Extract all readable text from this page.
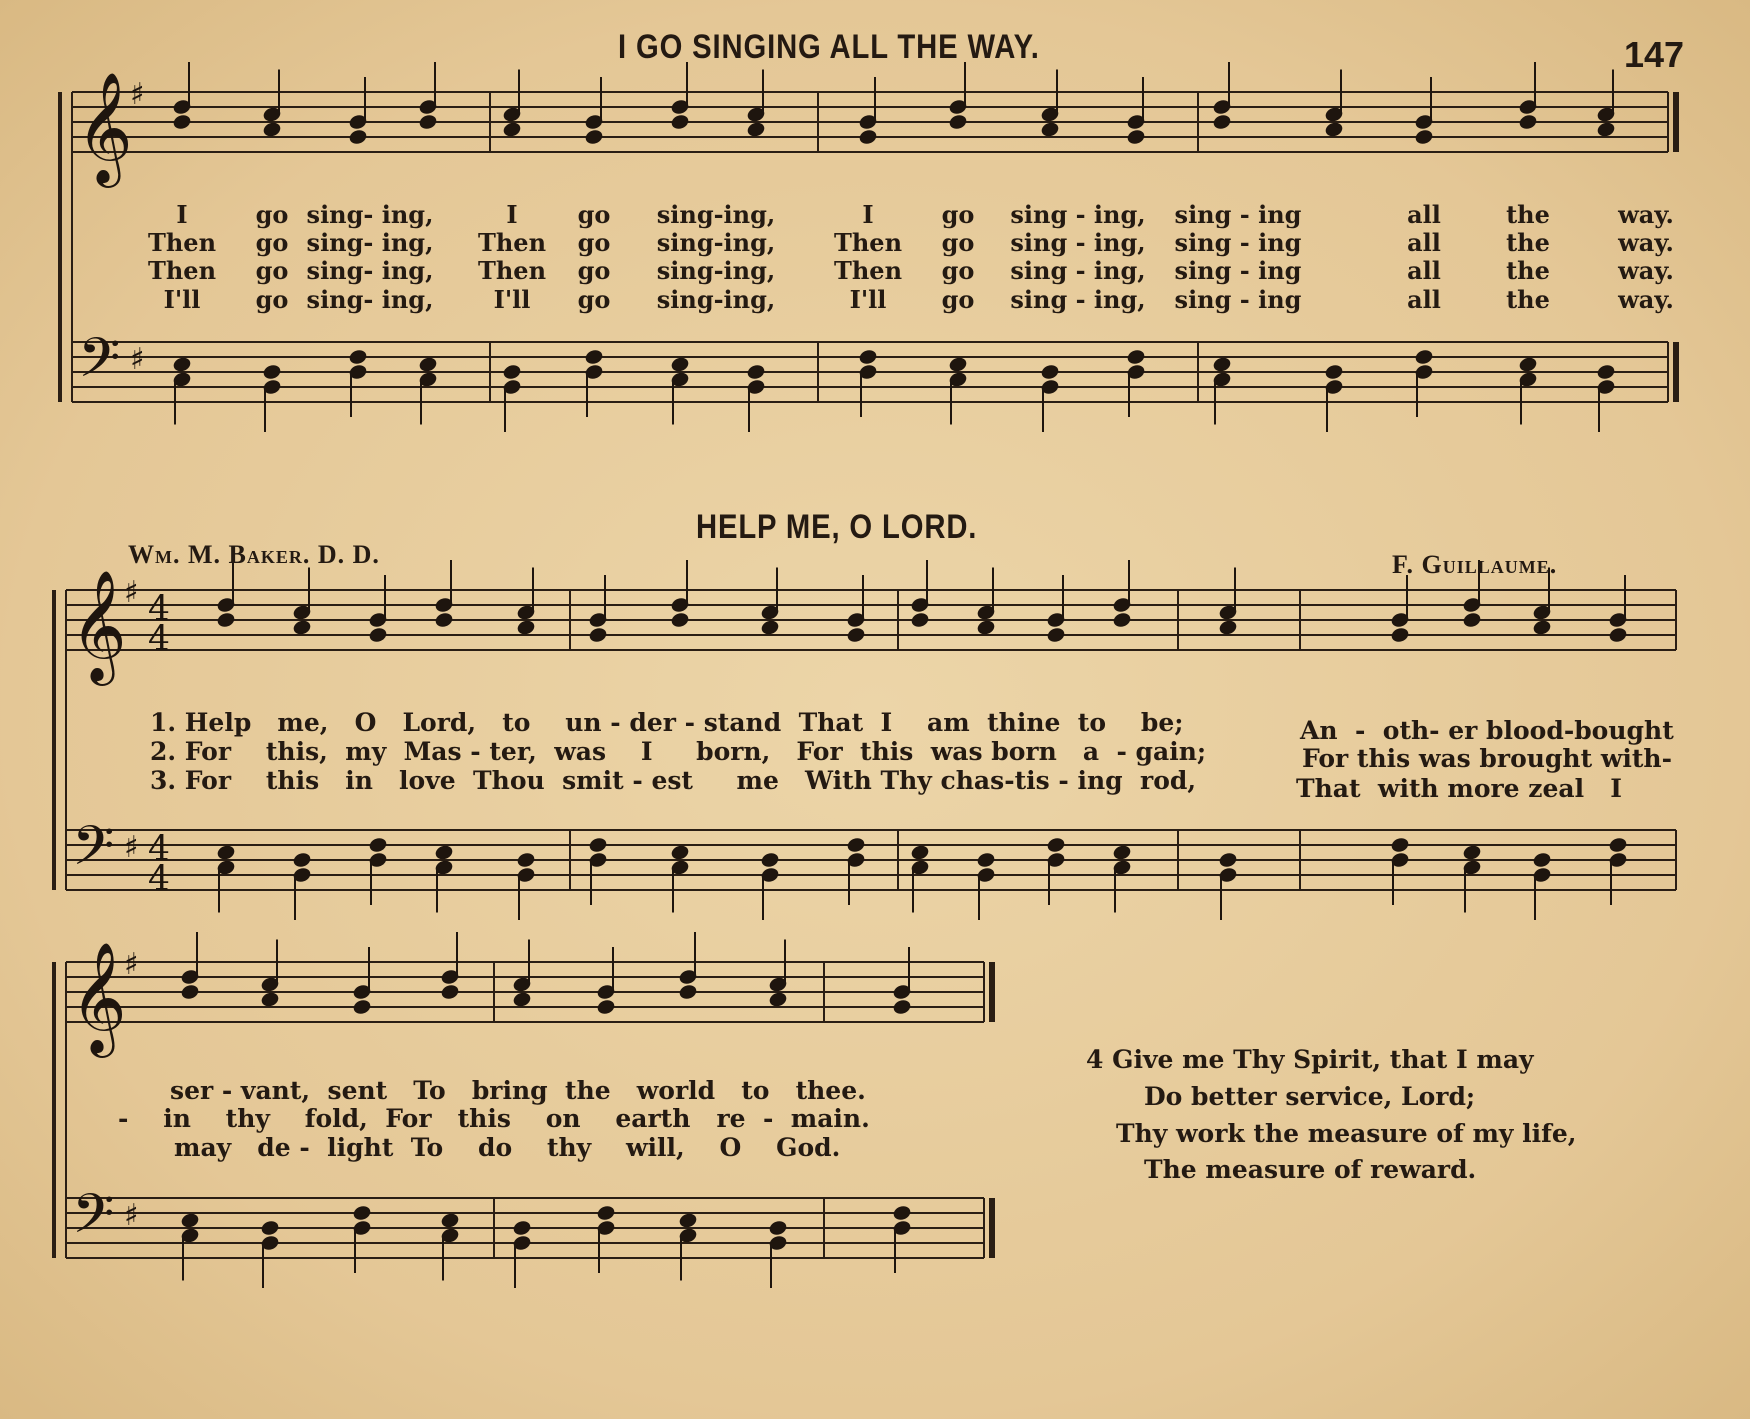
𝄞
𝄢
♯
♯
𝄞
𝄢
♯
♯
4
4
4
4
𝄞
𝄢
♯
♯
147
I GO SINGING ALL THE WAY.
I	go sing- ing,	I go sing-ing,	I	go sing - ing, sing - ing	all	the	way.
Then go sing- ing, Then go sing-ing, Then go sing - ing, sing - ing	all	the	way.
Then go sing- ing, Then go sing-ing, Then go sing - ing, sing - ing	all	the	way.
I'll go sing- ing,	I'll go sing-ing,	I'll go sing - ing, sing - ing	all	the	way.
HELP ME, O LORD.
Wm. M. Baker. D. D.	F. Guillaume.
1. Help   me,   O   Lord,   to    un - der - stand  That  I    am  thine  to    be;
2. For    this,  my  Mas - ter,  was    I     born,   For  this  was born   a  - gain;
3. For    this   in   love  Thou  smit - est     me   With Thy chas-tis - ing  rod,
An  -  oth- er blood-bought
For this was brought with-
That  with more zeal   I
ser - vant,  sent   To   bring  the   world   to   thee.
-    in    thy    fold,  For   this    on    earth   re  -  main.
may   de -  light  To    do    thy    will,    O    God.
4 Give me Thy Spirit, that I may
Do better service, Lord;
Thy work the measure of my life,
The measure of reward.
